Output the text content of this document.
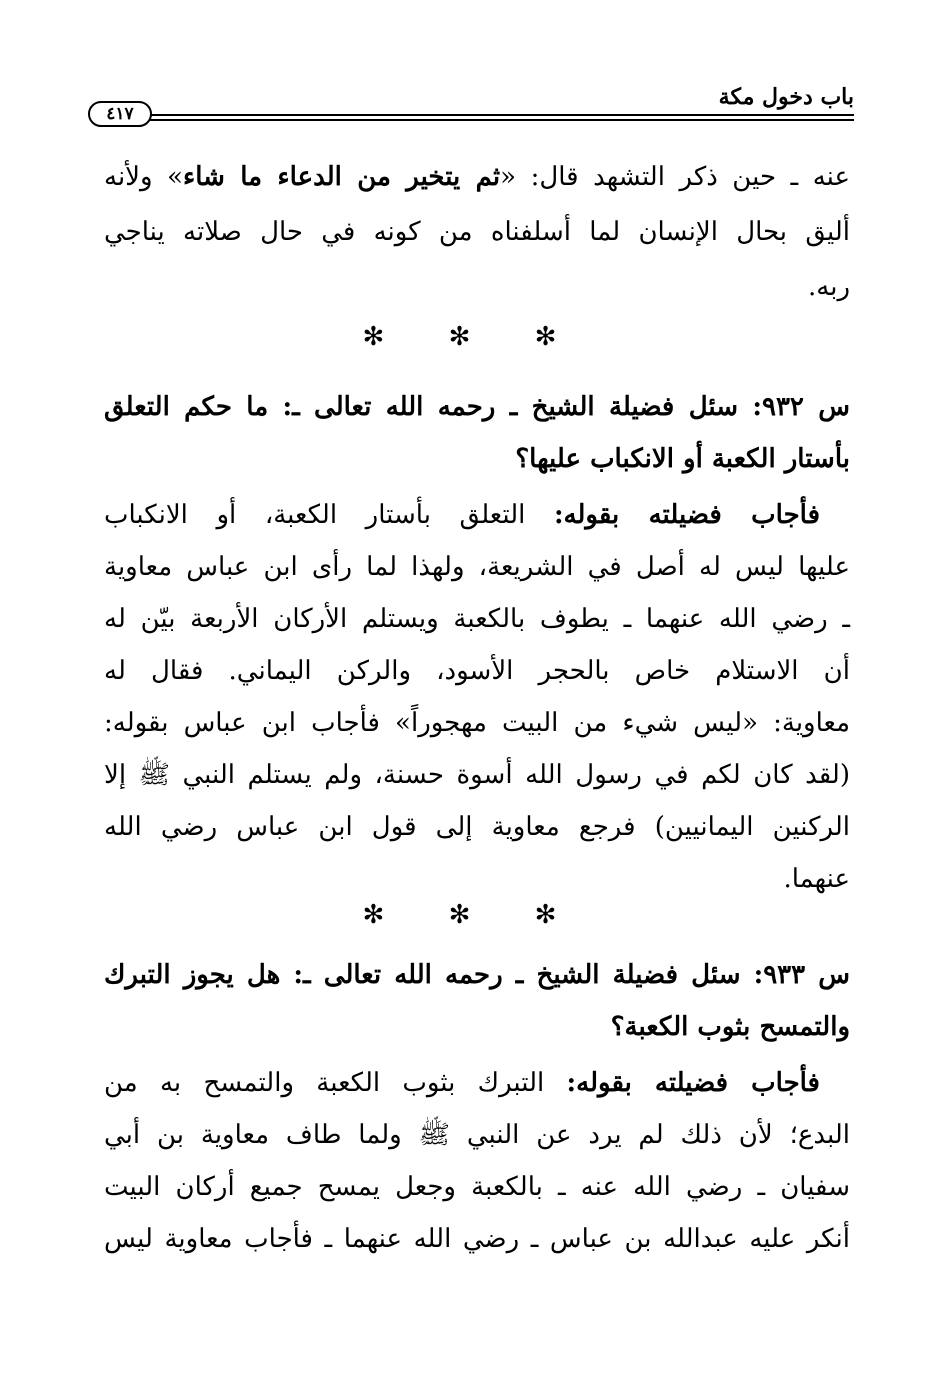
باب دخول مكة
٤١٧
عنه ـ حين ذكر التشهد قال: «ثم يتخير من الدعاء ما شاء» ولأنه
أليق بحال الإنسان لما أسلفناه من كونه في حال صلاته يناجي
ربه.
✻ ✻ ✻
س ٩٣٢: سئل فضيلة الشيخ ـ رحمه الله تعالى ـ: ما حكم التعلق
بأستار الكعبة أو الانكباب عليها؟
فأجاب فضيلته بقوله: التعلق بأستار الكعبة، أو الانكباب
عليها ليس له أصل في الشريعة، ولهذا لما رأى ابن عباس معاوية
ـ رضي الله عنهما ـ يطوف بالكعبة ويستلم الأركان الأربعة بيّن له
أن الاستلام خاص بالحجر الأسود، والركن اليماني. فقال له
معاوية: «ليس شيء من البيت مهجوراً» فأجاب ابن عباس بقوله:
(لقد كان لكم في رسول الله أسوة حسنة، ولم يستلم النبي ﷺ إلا
الركنين اليمانيين) فرجع معاوية إلى قول ابن عباس رضي الله
عنهما.
✻ ✻ ✻
س ٩٣٣: سئل فضيلة الشيخ ـ رحمه الله تعالى ـ: هل يجوز التبرك
والتمسح بثوب الكعبة؟
فأجاب فضيلته بقوله: التبرك بثوب الكعبة والتمسح به من
البدع؛ لأن ذلك لم يرد عن النبي ﷺ ولما طاف معاوية بن أبي
سفيان ـ رضي الله عنه ـ بالكعبة وجعل يمسح جميع أركان البيت
أنكر عليه عبدالله بن عباس ـ رضي الله عنهما ـ فأجاب معاوية ليس
